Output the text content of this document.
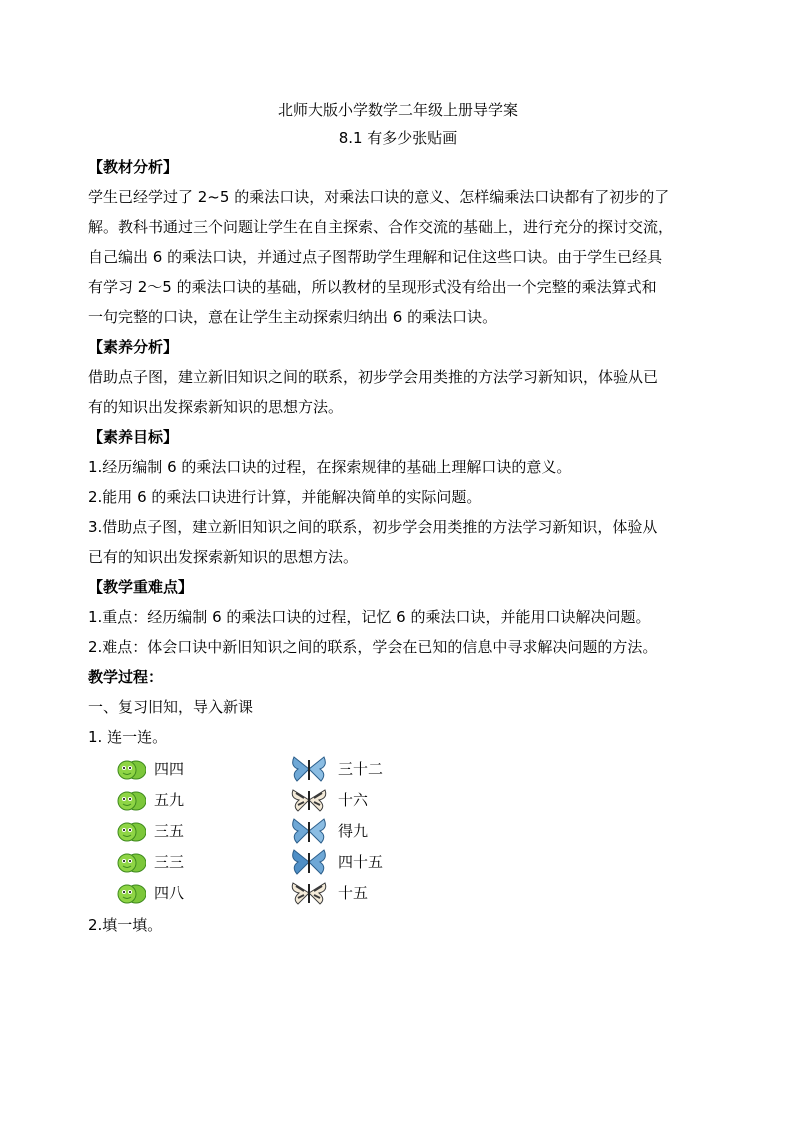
北师大版小学数学二年级上册导学案
8.1 有多少张贴画
【教材分析】
学生已经学过了 2~5 的乘法口诀，对乘法口诀的意义、怎样编乘法口诀都有了初步的了
解。教科书通过三个问题让学生在自主探索、合作交流的基础上，进行充分的探讨交流，
自己编出 6 的乘法口诀，并通过点子图帮助学生理解和记住这些口诀。由于学生已经具
有学习 2～5 的乘法口诀的基础，所以教材的呈现形式没有给出一个完整的乘法算式和
一句完整的口诀，意在让学生主动探索归纳出 6 的乘法口诀。
【素养分析】
借助点子图，建立新旧知识之间的联系，初步学会用类推的方法学习新知识，体验从已
有的知识出发探索新知识的思想方法。
【素养目标】
1.经历编制 6 的乘法口诀的过程，在探索规律的基础上理解口诀的意义。
2.能用 6 的乘法口诀进行计算，并能解决简单的实际问题。
3.借助点子图，建立新旧知识之间的联系，初步学会用类推的方法学习新知识，体验从
已有的知识出发探索新知识的思想方法。
【教学重难点】
1.重点：经历编制 6 的乘法口诀的过程，记忆 6 的乘法口诀，并能用口诀解决问题。
2.难点：体会口诀中新旧知识之间的联系，学会在已知的信息中寻求解决问题的方法。
教学过程：
一、复习旧知，导入新课
1. 连一连。
四四
五九
三五
三三
四八
三十二
十六
得九
四十五
十五
2.填一填。
